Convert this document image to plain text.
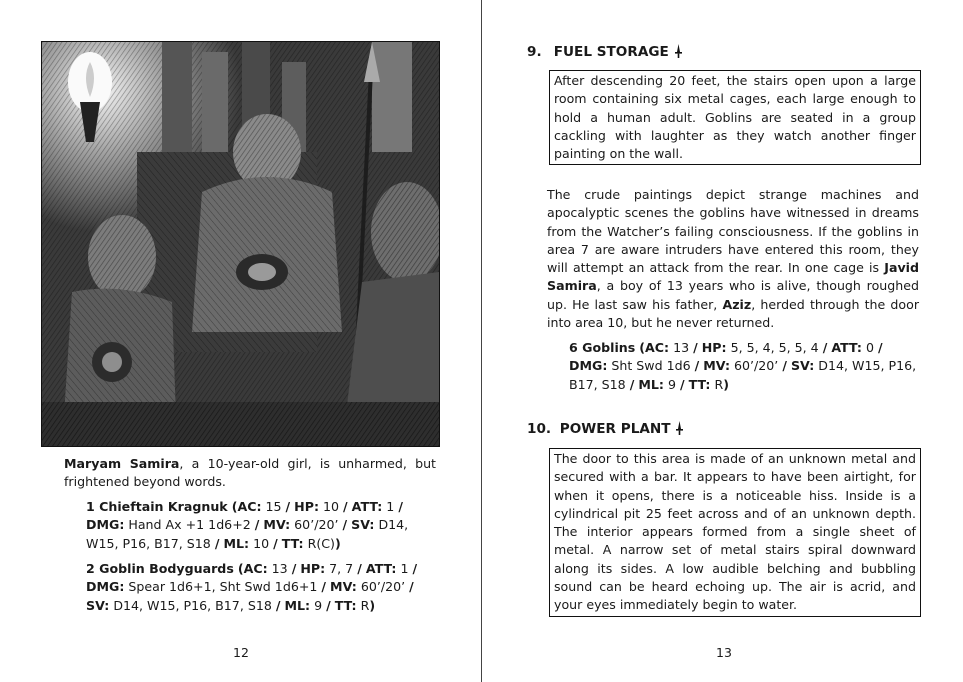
Maryam Samira, a 10-year-old girl, is unharmed, but frightened beyond words.

1 Chieftain Kragnuk (AC: 15 / HP: 10 / ATT: 1 / DMG: Hand Ax +1 1d6+2 / MV: 60’/20’ / SV: D14, W15, P16, B17, S18 / ML: 10 / TT: R(C))

2 Goblin Bodyguards (AC: 13 / HP: 7, 7 / ATT: 1 / DMG: Spear 1d6+1, Sht Swd 1d6+1 / MV: 60’/20’ / SV: D14, W15, P16, B17, S18 / ML: 9 / TT: R)

12
9. FUEL STORAGE
After descending 20 feet, the stairs open upon a large room containing six metal cages, each large enough to hold a human adult. Goblins are seated in a group cackling with laughter as they watch another finger painting on the wall.

The crude paintings depict strange machines and apocalyptic scenes the goblins have witnessed in dreams from the Watcher’s failing consciousness. If the goblins in area 7 are aware intruders have entered this room, they will attempt an attack from the rear. In one cage is Javid Samira, a boy of 13 years who is alive, though roughed up. He last saw his father, Aziz, herded through the door into area 10, but he never returned.

6 Goblins (AC: 13 / HP: 5, 5, 4, 5, 5, 4 / ATT: 0 / DMG: Sht Swd 1d6 / MV: 60’/20’ / SV: D14, W15, P16, B17, S18 / ML: 9 / TT: R)

10. POWER PLANT
The door to this area is made of an unknown metal and secured with a bar. It appears to have been airtight, for when it opens, there is a noticeable hiss. Inside is a cylindrical pit 25 feet across and of an unknown depth. The interior appears formed from a single sheet of metal. A narrow set of metal stairs spiral downward along its sides. A low audible belching and bubbling sound can be heard echoing up. The air is acrid, and your eyes immediately begin to water.
13
